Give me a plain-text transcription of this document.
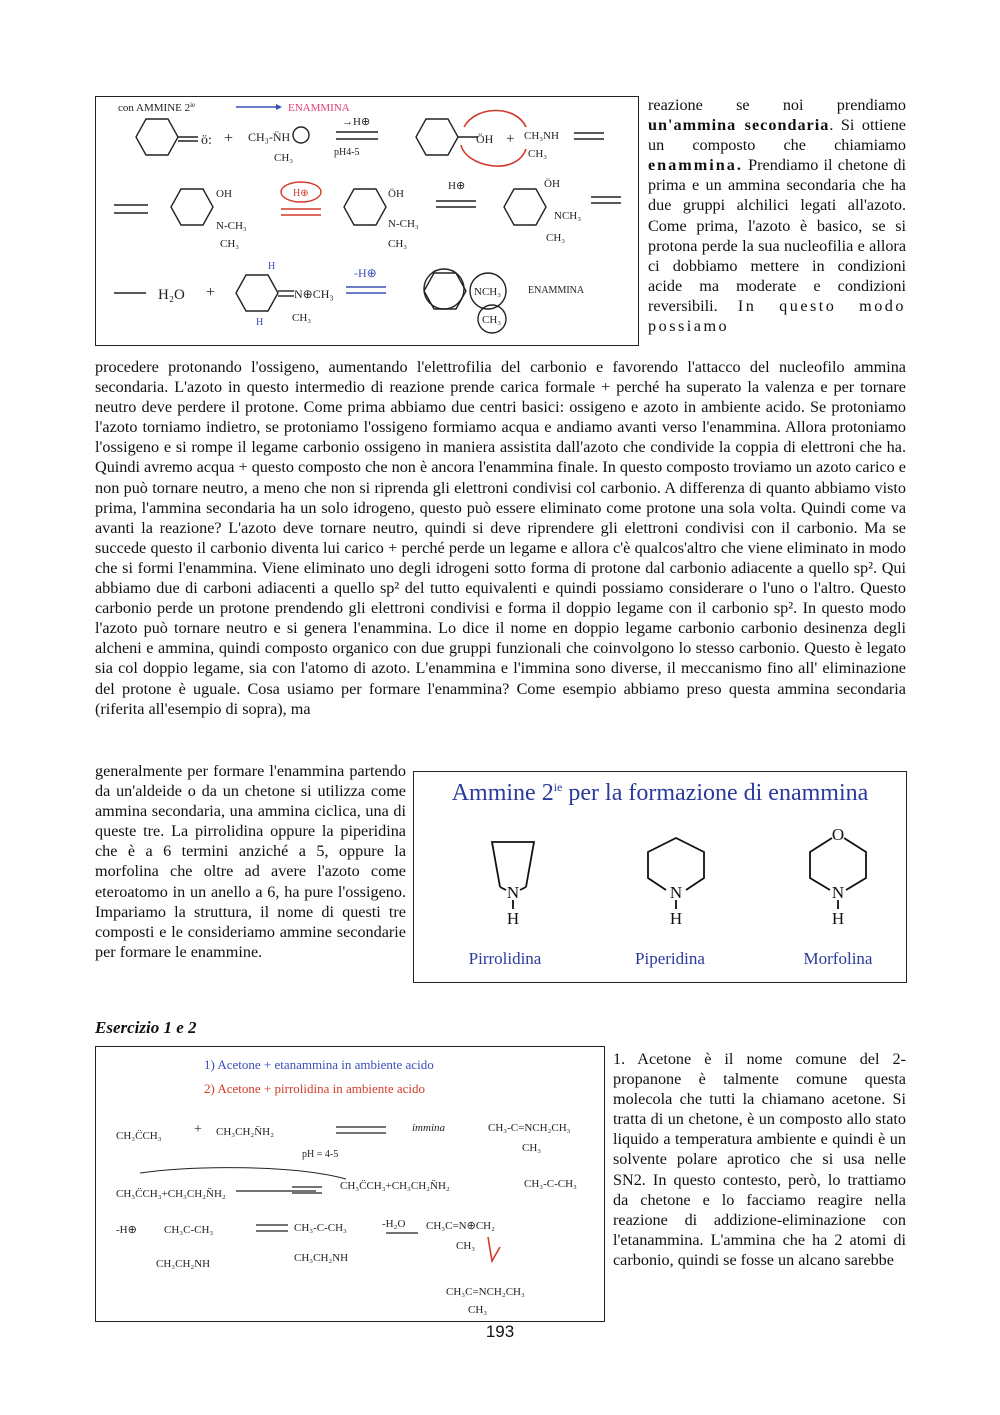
con AMMINE $2^{ie}$	ENAMMINA
ö: + CH₃-N̈H
CH₃
→H⊕
pH4-5
ÖH + CH₃NH
CH₃
OH
N-CH₃
CH₃
H⊕	ÖH
N-CH₃
CH₃
H⊕	ÖH
NCH₃
CH₃
H₂O +	N⊕CH₃
CH₃
H
H
-H⊕
NCH₃
CH₃
ENAMMINA
reazione se noi prendiamo un'ammina secondaria. Si ottiene un composto che chiamiamo enammina. Prendiamo il chetone di prima e un ammina secondaria che ha due gruppi alchilici legati all'azoto. Come prima, l'azoto è basico, se si protona perde la sua nucleofilia e allora ci dobbiamo mettere in condizioni acide ma moderate e condizioni reversibili. In questo modo possiamo
procedere protonando l'ossigeno, aumentando l'elettrofilia del carbonio e favorendo l'attacco del nucleofilo ammina secondaria. L'azoto in questo intermedio di reazione prende carica formale + perché ha superato la valenza e per tornare neutro deve perdere il protone. Come prima abbiamo due centri basici: ossigeno e azoto in ambiente acido. Se protoniamo l'azoto torniamo indietro, se protoniamo l'ossigeno formiamo acqua e andiamo avanti verso l'enammina. Allora protoniamo l'ossigeno e si rompe il legame carbonio ossigeno in maniera assistita dall'azoto che condivide la coppia di elettroni che ha. Quindi avremo acqua + questo composto che non è ancora l'enammina finale. In questo composto troviamo un azoto carico e non può tornare neutro, a meno che non si riprenda gli elettroni condivisi col carbonio. A differenza di quanto abbiamo visto prima, l'ammina secondaria ha un solo idrogeno, questo può essere eliminato come protone una sola volta. Quindi come va avanti la reazione? L'azoto deve tornare neutro, quindi si deve riprendere gli elettroni condivisi con il carbonio. Ma se succede questo il carbonio diventa lui carico + perché perde un legame e allora c'è qualcos'altro che viene eliminato in modo che si formi l'enammina. Viene eliminato uno degli idrogeni sotto forma di protone dal carbonio adiacente a quello sp². Qui abbiamo due di carboni adiacenti a quello sp² del tutto equivalenti e quindi possiamo considerare o l'uno o l'altro. Questo carbonio perde un protone prendendo gli elettroni condivisi e forma il doppio legame con il carbonio sp². In questo modo l'azoto può tornare neutro e si genera l'enammina. Lo dice il nome en doppio legame carbonio carbonio desinenza degli alcheni e ammina, quindi composto organico con due gruppi funzionali che coinvolgono lo stesso carbonio. Questo è legato sia col doppio legame, sia con l'atomo di azoto. L'enammina e l'immina sono diverse, il meccanismo fino all' eliminazione del protone è uguale. Cosa usiamo per formare l'enammina? Come esempio abbiamo preso questa ammina secondaria (riferita all'esempio di sopra), ma
generalmente per formare l'enammina partendo da un'aldeide o da un chetone si utilizza come ammina secondaria, una ammina ciclica, una di queste tre. La pirrolidina oppure la piperidina che è a 6 termini anziché a 5, oppure la morfolina che oltre ad avere l'azoto come eteroatomo in un anello a 6, ha pure l'ossigeno. Impariamo la struttura, il nome di questi tre composti e le consideriamo ammine secondarie per formare le enammine.
Ammine $2^{ie}$ per la formazione di enammina
N
H
N
H
O
N
H
Pirrolidina	Piperidina	Morfolina
Esercizio 1 e 2
1) Acetone + etanammina in ambiente acido
2) Acetone + pirrolidina in ambiente acido
CH₃C̈CH₃ + CH₃CH₂N̈H₂	immina	CH₃-C=NCH₂CH₃
pH = 4-5
CH₃
CH₃C̈CH₃+CH₃CH₂N̈H₂
CH₃C̈CH₃+CH₃CH₂N̈H₂	CH₃-C-CH₃
-H⊕ CH₃C-CH₃	CH₃-C-CH₃	-H₂O CH₃C=N⊕CH₂
CH₃CH₂NH	CH₃CH₂NH
CH₃
CH₃C=NCH₂CH₃
CH₃
1. Acetone è il nome comune del 2-propanone è talmente comune questa molecola che tutti la chiamano acetone. Si tratta di un chetone, è un composto allo stato liquido a temperatura ambiente e quindi è un solvente polare aprotico che si usa nelle SN2. In questo contesto, però, lo trattiamo da chetone e lo facciamo reagire nella reazione di addizione-eliminazione con l'etanammina. L'ammina che ha 2 atomi di carbonio, quindi se fosse un alcano sarebbe
193
